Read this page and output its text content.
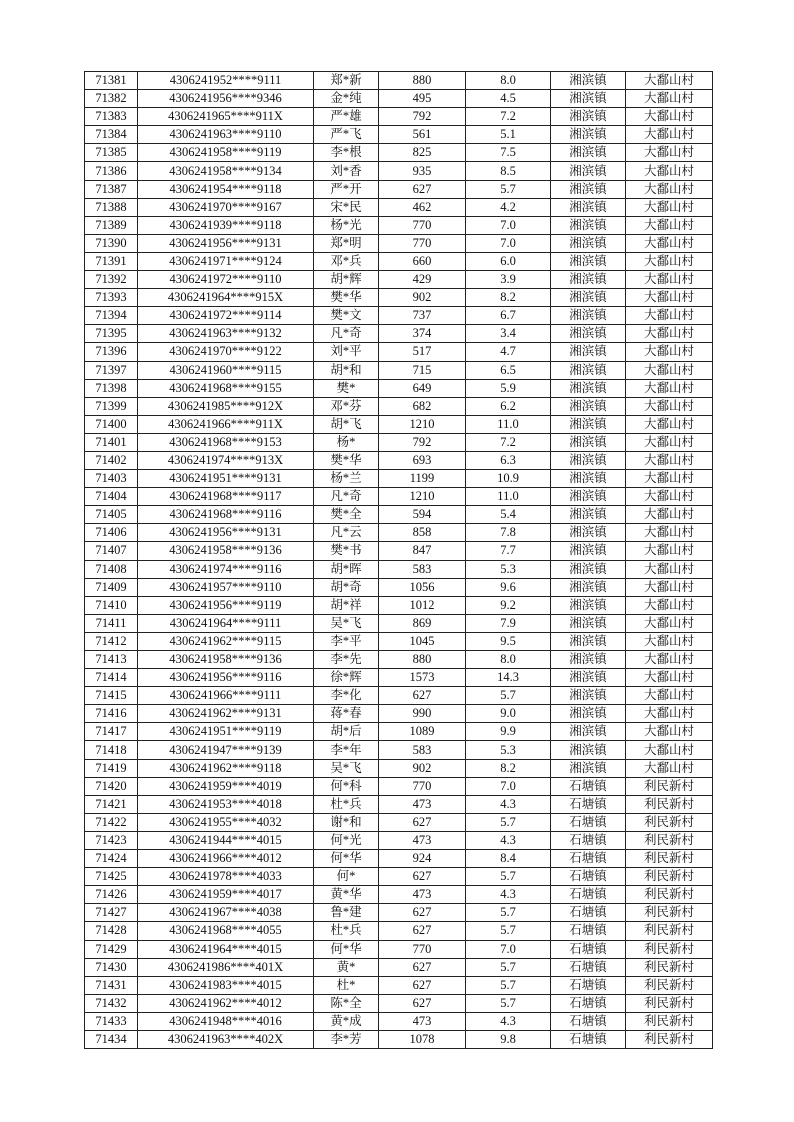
71381	4306241952****9111	郑*新	880	8.0	湘滨镇	大鄱山村
71382	4306241956****9346	金*纯	495	4.5	湘滨镇	大鄱山村
71383	4306241965****911X	严*雄	792	7.2	湘滨镇	大鄱山村
71384	4306241963****9110	严*飞	561	5.1	湘滨镇	大鄱山村
71385	4306241958****9119	李*根	825	7.5	湘滨镇	大鄱山村
71386	4306241958****9134	刘*香	935	8.5	湘滨镇	大鄱山村
71387	4306241954****9118	严*开	627	5.7	湘滨镇	大鄱山村
71388	4306241970****9167	宋*民	462	4.2	湘滨镇	大鄱山村
71389	4306241939****9118	杨*光	770	7.0	湘滨镇	大鄱山村
71390	4306241956****9131	郑*明	770	7.0	湘滨镇	大鄱山村
71391	4306241971****9124	邓*兵	660	6.0	湘滨镇	大鄱山村
71392	4306241972****9110	胡*辉	429	3.9	湘滨镇	大鄱山村
71393	4306241964****915X	樊*华	902	8.2	湘滨镇	大鄱山村
71394	4306241972****9114	樊*文	737	6.7	湘滨镇	大鄱山村
71395	4306241963****9132	凡*奇	374	3.4	湘滨镇	大鄱山村
71396	4306241970****9122	刘*平	517	4.7	湘滨镇	大鄱山村
71397	4306241960****9115	胡*和	715	6.5	湘滨镇	大鄱山村
71398	4306241968****9155	樊*	649	5.9	湘滨镇	大鄱山村
71399	4306241985****912X	邓*芬	682	6.2	湘滨镇	大鄱山村
71400	4306241966****911X	胡*飞	1210	11.0	湘滨镇	大鄱山村
71401	4306241968****9153	杨*	792	7.2	湘滨镇	大鄱山村
71402	4306241974****913X	樊*华	693	6.3	湘滨镇	大鄱山村
71403	4306241951****9131	杨*兰	1199	10.9	湘滨镇	大鄱山村
71404	4306241968****9117	凡*奇	1210	11.0	湘滨镇	大鄱山村
71405	4306241968****9116	樊*全	594	5.4	湘滨镇	大鄱山村
71406	4306241956****9131	凡*云	858	7.8	湘滨镇	大鄱山村
71407	4306241958****9136	樊*书	847	7.7	湘滨镇	大鄱山村
71408	4306241974****9116	胡*晖	583	5.3	湘滨镇	大鄱山村
71409	4306241957****9110	胡*奇	1056	9.6	湘滨镇	大鄱山村
71410	4306241956****9119	胡*祥	1012	9.2	湘滨镇	大鄱山村
71411	4306241964****9111	吴*飞	869	7.9	湘滨镇	大鄱山村
71412	4306241962****9115	李*平	1045	9.5	湘滨镇	大鄱山村
71413	4306241958****9136	李*先	880	8.0	湘滨镇	大鄱山村
71414	4306241956****9116	徐*辉	1573	14.3	湘滨镇	大鄱山村
71415	4306241966****9111	李*化	627	5.7	湘滨镇	大鄱山村
71416	4306241962****9131	蒋*春	990	9.0	湘滨镇	大鄱山村
71417	4306241951****9119	胡*后	1089	9.9	湘滨镇	大鄱山村
71418	4306241947****9139	李*年	583	5.3	湘滨镇	大鄱山村
71419	4306241962****9118	吴*飞	902	8.2	湘滨镇	大鄱山村
71420	4306241959****4019	何*科	770	7.0	石塘镇	利民新村
71421	4306241953****4018	杜*兵	473	4.3	石塘镇	利民新村
71422	4306241955****4032	谢*和	627	5.7	石塘镇	利民新村
71423	4306241944****4015	何*光	473	4.3	石塘镇	利民新村
71424	4306241966****4012	何*华	924	8.4	石塘镇	利民新村
71425	4306241978****4033	何*	627	5.7	石塘镇	利民新村
71426	4306241959****4017	黄*华	473	4.3	石塘镇	利民新村
71427	4306241967****4038	鲁*建	627	5.7	石塘镇	利民新村
71428	4306241968****4055	杜*兵	627	5.7	石塘镇	利民新村
71429	4306241964****4015	何*华	770	7.0	石塘镇	利民新村
71430	4306241986****401X	黄*	627	5.7	石塘镇	利民新村
71431	4306241983****4015	杜*	627	5.7	石塘镇	利民新村
71432	4306241962****4012	陈*全	627	5.7	石塘镇	利民新村
71433	4306241948****4016	黄*成	473	4.3	石塘镇	利民新村
71434	4306241963****402X	李*芳	1078	9.8	石塘镇	利民新村
